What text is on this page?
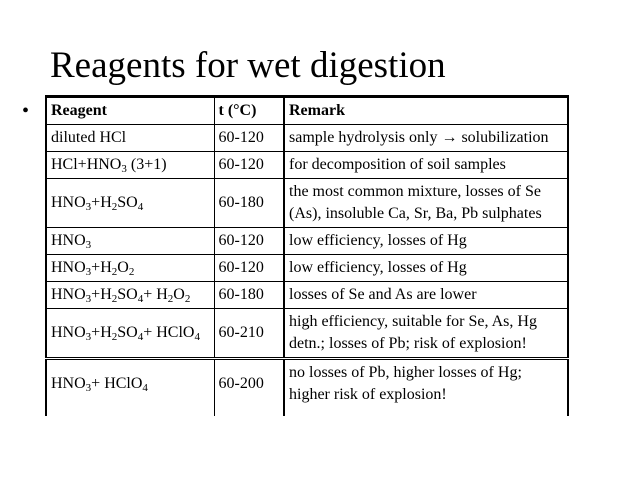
Reagents for wet digestion
• Reagent	t (°C)	Remark
diluted HCl	60-120	sample hydrolysis only → solubilization

$HCl+HNO_3$ (3+1)	60-120	for decomposition of soil samples

$HNO_3+H_2SO_4$	60-180	the most common mixture, losses of Se
(As), insoluble Ca, Sr, Ba, Pb sulphates

$HNO_3$	60-120	low efficiency, losses of Hg

$HNO_3+H_2O_2$	60-120	low efficiency, losses of Hg

$HNO_3+H_2SO_4+ H_2O_2$	60-180	losses of Se and As are lower

$HNO_3+H_2SO_4+$ HClO$_4$	60-210	high efficiency, suitable for Se, As, Hg
detn.; losses of Pb; risk of explosion!

$HNO_3+$ HClO$_4$	60-200	no losses of Pb, higher losses of Hg;
higher risk of explosion!
